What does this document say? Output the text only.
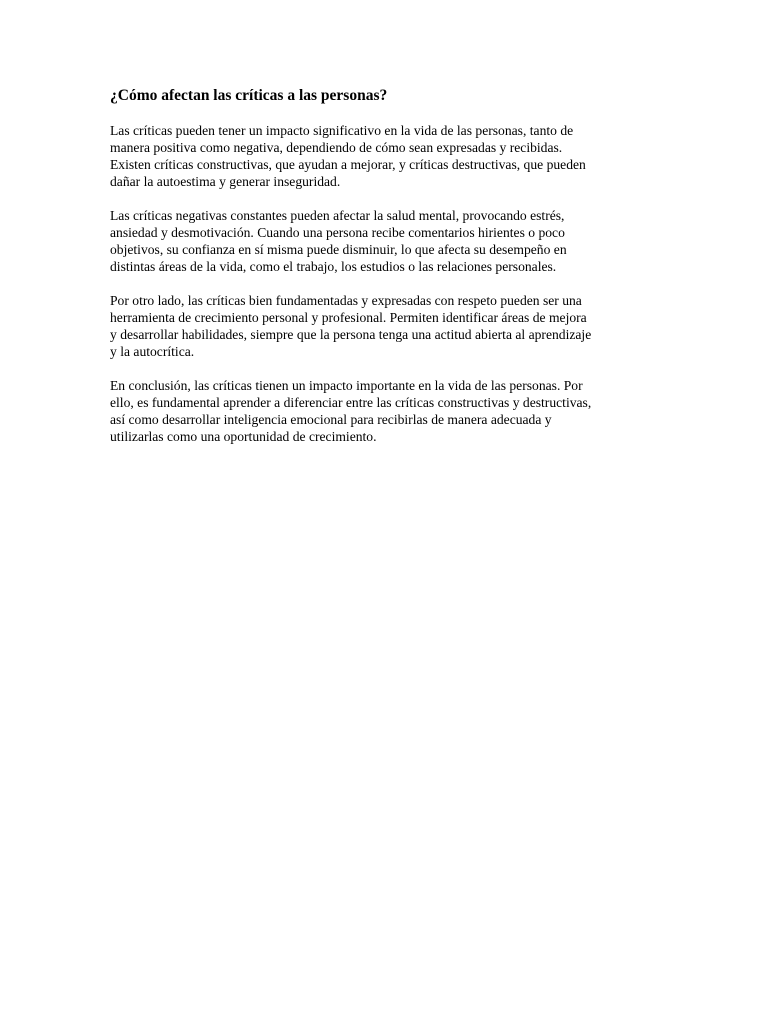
¿Cómo afectan las críticas a las personas?

Las críticas pueden tener un impacto significativo en la vida de las personas, tanto de
manera positiva como negativa, dependiendo de cómo sean expresadas y recibidas.
Existen críticas constructivas, que ayudan a mejorar, y críticas destructivas, que pueden
dañar la autoestima y generar inseguridad.

Las críticas negativas constantes pueden afectar la salud mental, provocando estrés,
ansiedad y desmotivación. Cuando una persona recibe comentarios hirientes o poco
objetivos, su confianza en sí misma puede disminuir, lo que afecta su desempeño en
distintas áreas de la vida, como el trabajo, los estudios o las relaciones personales.

Por otro lado, las críticas bien fundamentadas y expresadas con respeto pueden ser una
herramienta de crecimiento personal y profesional. Permiten identificar áreas de mejora
y desarrollar habilidades, siempre que la persona tenga una actitud abierta al aprendizaje
y la autocrítica.

En conclusión, las críticas tienen un impacto importante en la vida de las personas. Por
ello, es fundamental aprender a diferenciar entre las críticas constructivas y destructivas,
así como desarrollar inteligencia emocional para recibirlas de manera adecuada y
utilizarlas como una oportunidad de crecimiento.
